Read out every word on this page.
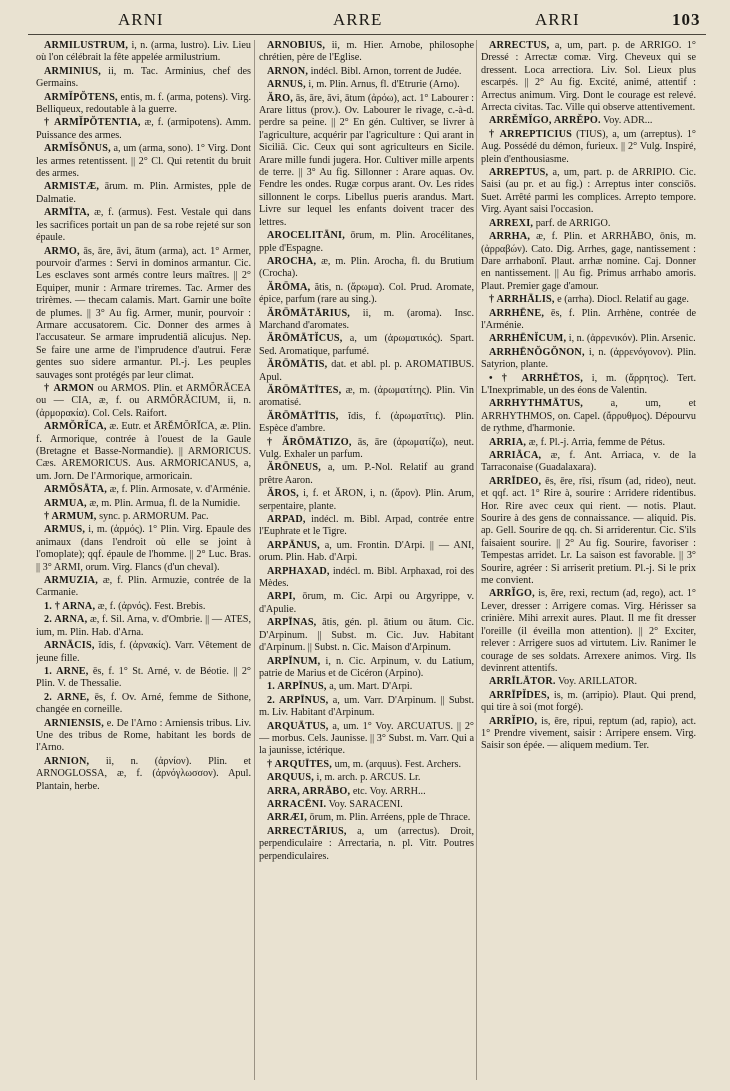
ARNI	ARRE	ARRI	103

ARMILUSTRUM, i, n. (arma, lustro). Liv. Lieu où l'on célébrait la fête appelée armilustrium.

ARMINIUS, ii, m. Tac. Arminius, chef des Germains.

ARMĬPŎTENS, entis, m. f. (arma, potens). Virg. Belliqueux, redoutable à la guerre.

† ARMĬPŎTENTIA, æ, f. (armipotens). Amm. Puissance des armes.

ARMĬSŎNUS, a, um (arma, sono). 1° Virg. Dont les armes retentissent. || 2° Cl. Qui retentit du bruit des armes.

ARMISTÆ, ārum. m. Plin. Armistes, pple de Dalmatie.

ARMĪTA, æ, f. (armus). Fest. Vestale qui dans les sacrifices portait un pan de sa robe rejeté sur son épaule.

ARMO, ās, āre, āvi, ātum (arma), act. 1° Armer, pourvoir d'armes : Servi in dominos armantur. Cic. Les esclaves sont armés contre leurs maîtres. || 2° Equiper, munir : Armare triremes. Tac. Armer des trirèmes. — thecam calamis. Mart. Garnir une boîte de plumes. || 3° Au fig. Armer, munir, pourvoir : Armare accusatorem. Cic. Donner des armes à l'accusateur. Se armare imprudentiā alicujus. Nep. Se faire une arme de l'imprudence d'autrui. Feræ gentes suo sidere armantur. Pl.-j. Les peuples sauvages sont protégés par leur climat.

† ARMON ou ARMOS. Plin. et ARMŎRĂCEA ou — CIA, æ, f. ou ARMŎRĂCIUM, ii, n. (ἀρμορακία). Col. Cels. Raifort.

ARMŎRĬCA, æ. Eutr. et ĀRĔMŎRĬCA, æ. Plin. f. Armorique, contrée à l'ouest de la Gaule (Bretagne et Basse-Normandie). || ARMORICUS. Cæs. AREMORICUS. Aus. ARMORICANUS, a, um. Jorn. De l'Armorique, armoricain.

ARMŎSĀTA, æ, f. Plin. Armosate, v. d'Arménie.

ARMUA, æ, m. Plin. Armua, fl. de la Numidie.

† ARMUM, sync. p. ARMORUM. Pac.

ARMUS, i, m. (ἁρμός). 1° Plin. Virg. Epaule des animaux (dans l'endroit où elle se joint à l'omoplate); qqf. épaule de l'homme. || 2° Luc. Bras. || 3° ARMI, orum. Virg. Flancs (d'un cheval).

ARMUZIA, æ, f. Plin. Armuzie, contrée de la Carmanie.

1. † ARNA, æ, f. (ἀρνός). Fest. Brebis.

2. ARNA, æ, f. Sil. Arna, v. d'Ombrie. || — ATES, ium, m. Plin. Hab. d'Arna.

ARNĀCIS, ĭdis, f. (ἀρνακίς). Varr. Vêtement de jeune fille.

1. ARNE, ēs, f. 1° St. Arné, v. de Béotie. || 2° Plin. V. de Thessalie.

2. ARNE, ēs, f. Ov. Arné, femme de Sithone, changée en corneille.

ARNIENSIS, e. De l'Arno : Arniensis tribus. Liv. Une des tribus de Rome, habitant les bords de l'Arno.

ARNION, ii, n. (ἀρνίον). Plin. et ARNOGLOSSA, æ, f. (ἀρνόγλωσσον). Apul. Plantain, herbe.

ARNOBIUS, ii, m. Hier. Arnobe, philosophe chrétien, père de l'Eglise.

ARNON, indécl. Bibl. Arnon, torrent de Judée.

ARNUS, i, m. Plin. Arnus, fl. d'Etrurie (Arno).

ĂRO, ās, āre, āvi, ātum (ἀρόω), act. 1° Labourer : Arare littus (prov.). Ov. Labourer le rivage, c.-à-d. perdre sa peine. || 2° En gén. Cultiver, se livrer à l'agriculture, acquérir par l'agriculture : Qui arant in Siciliā. Cic. Ceux qui sont agriculteurs en Sicile. Arare mille fundi jugera. Hor. Cultiver mille arpents de terre. || 3° Au fig. Sillonner : Arare aquas. Ov. Fendre les ondes. Rugæ corpus arant. Ov. Les rides sillonnent le corps. Libellus pueris arandus. Mart. Livre sur lequel les enfants doivent tracer des lettres.

AROCELITĀNI, ōrum, m. Plin. Arocélitanes, pple d'Espagne.

AROCHA, æ, m. Plin. Arocha, fl. du Brutium (Crocha).

ĂRŌMA, ătis, n. (ἄρωμα). Col. Prud. Aromate, épice, parfum (rare au sing.).

ĂRŌMĀTĀRIUS, ii, m. (aroma). Insc. Marchand d'aromates.

ĂRŌMĀTĬCUS, a, um (ἀρωματικός). Spart. Sed. Aromatique, parfumé.

ĂRŌMĀTIS, dat. et abl. pl. p. AROMATIBUS. Apul.

ĂRŌMĀTĪTES, æ, m. (ἀρωματίτης). Plin. Vin aromatisé.

ĂRŌMĀTĪTIS, ĭdis, f. (ἀρωματῖτις). Plin. Espèce d'ambre.

† ĂRŌMĀTIZO, ās, āre (ἀρωματίζω), neut. Vulg. Exhaler un parfum.

ĂRŌNEUS, a, um. P.-Nol. Relatif au grand prêtre Aaron.

ĂROS, i, f. et ĂRON, i, n. (ἄρον). Plin. Arum, serpentaire, plante.

ARPAD, indécl. m. Bibl. Arpad, contrée entre l'Euphrate et le Tigre.

ARPĀNUS, a, um. Frontin. D'Arpi. || — ANI, orum. Plin. Hab. d'Arpi.

ARPHAXAD, indécl. m. Bibl. Arphaxad, roi des Mèdes.

ARPI, ōrum, m. Cic. Arpi ou Argyrippe, v. d'Apulie.

ARPĪNAS, ātis, gén. pl. ātium ou ātum. Cic. D'Arpinum. || Subst. m. Cic. Juv. Habitant d'Arpinum. || Subst. n. Cic. Maison d'Arpinum.

ARPĪNUM, i, n. Cic. Arpinum, v. du Latium, patrie de Marius et de Cicéron (Arpino).

1. ARPĪNUS, a, um. Mart. D'Arpi.

2. ARPĪNUS, a, um. Varr. D'Arpinum. || Subst. m. Liv. Habitant d'Arpinum.

ARQUĀTUS, a, um. 1° Voy. ARCUATUS. || 2° — morbus. Cels. Jaunisse. || 3° Subst. m. Varr. Qui a la jaunisse, ictérique.

† ARQUĪTES, um, m. (arquus). Fest. Archers.

ARQUUS, i, m. arch. p. ARCUS. Lr.

ARRA, ARRĀBO, etc. Voy. ARRH...

ARRACĒNI. Voy. SARACENI.

ARRÆI, ōrum, m. Plin. Arréens, pple de Thrace.

ARRECTĀRIUS, a, um (arrectus). Droit, perpendiculaire : Arrectaria, n. pl. Vitr. Poutres perpendiculaires.

ARRECTUS, a, um, part. p. de ARRIGO. 1° Dressé : Arrectæ comæ. Virg. Cheveux qui se dressent. Loca arrectiora. Liv. Sol. Lieux plus escarpés. || 2° Au fig. Excité, animé, attentif : Arrectus animum. Virg. Dont le courage est relevé. Arrecta civitas. Tac. Ville qui observe attentivement.

ARRĔMĬGO, ARRĔPO. Voy. ADR...

† ARREPTICIUS (TIUS), a, um (arreptus). 1° Aug. Possédé du démon, furieux. || 2° Vulg. Inspiré, plein d'enthousiasme.

ARREPTUS, a, um, part. p. de ARRIPIO. Cic. Saisi (au pr. et au fig.) : Arreptus inter consciōs. Suet. Arrêté parmi les complices. Arrepto tempore. Virg. Ayant saisi l'occasion.

ARREXI, parf. de ARRIGO.

ARRHA, æ, f. Plin. et ARRHĀBO, ōnis, m. (ἀρραβών). Cato. Dig. Arrhes, gage, nantissement : Dare arrhabonī. Plaut. arrhæ nomine. Caj. Donner en nantissement. || Au fig. Primus arrhabo amoris. Plaut. Premier gage d'amour.

† ARRHĀLIS, e (arrha). Diocl. Relatif au gage.

ARRHĒNE, ēs, f. Plin. Arrhène, contrée de l'Arménie.

ARRHĒNĬCUM, i, n. (ἀρρενικόν). Plin. Arsenic.

ARRHĒNŎGŎNON, i, n. (ἀρρενόγονον). Plin. Satyrion, plante.

• † ARRHĒTOS, i, m. (ἄρρητος). Tert. L'Inexprimable, un des éons de Valentin.

ARRHYTHMĀTUS, a, um, et ARRHYTHMOS, on. Capel. (ἄρρυθμος). Dépourvu de rythme, d'harmonie.

ARRIA, æ, f. Pl.-j. Arria, femme de Pétus.

ARRIĀCA, æ, f. Ant. Arriaca, v. de la Tarraconaise (Guadalaxara).

ARRĪDEO, ēs, ēre, rīsi, rīsum (ad, rideo), neut. et qqf. act. 1° Rire à, sourire : Arridere ridentibus. Hor. Rire avec ceux qui rient. — notis. Plaut. Sourire à des gens de connaissance. — aliquid. Pis. ap. Gell. Sourire de qq. ch. Si arriderentur. Cic. S'ils faisaient sourire. || 2° Au fig. Sourire, favoriser : Tempestas arridet. Lr. La saison est favorable. || 3° Sourire, agréer : Si arriserit pretium. Pl.-j. Si le prix me convient.

ARRĬGO, is, ēre, rexi, rectum (ad, rego), act. 1° Lever, dresser : Arrigere comas. Virg. Hérisser sa crinière. Mihi arrexit aures. Plaut. Il me fit dresser l'oreille (il éveilla mon attention). || 2° Exciter, relever : Arrigere suos ad virtutem. Liv. Ranimer le courage de ses soldats. Arrexere animos. Virg. Ils devinrent attentifs.

ARRĪLĀTOR. Voy. ARILLATOR.

ARRĪPĬDES, is, m. (arripio). Plaut. Qui prend, qui tire à soi (mot forgé).

ARRĬPIO, is, ēre, ripui, reptum (ad, rapio), act. 1° Prendre vivement, saisir : Arripere ensem. Virg. Saisir son épée. — aliquem medium. Ter.
